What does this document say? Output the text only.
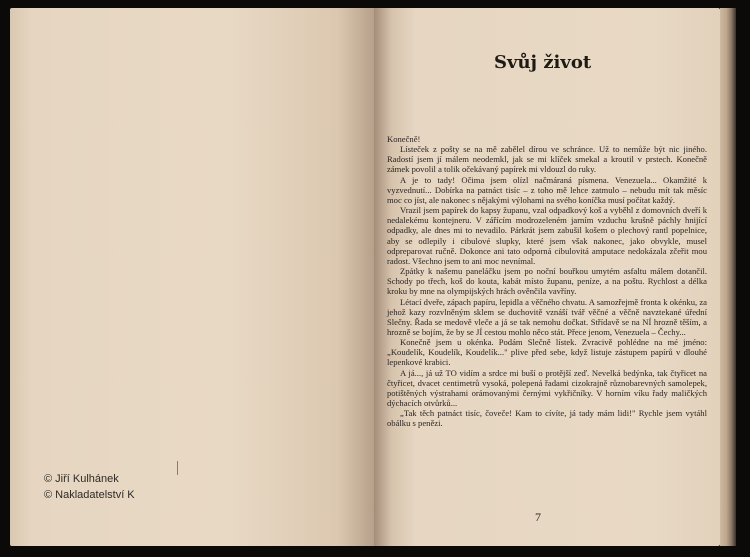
© Jiří Kulhánek
© Nakladatelství K
Svůj život

Konečně!

Lísteček z pošty se na mě zabělel dírou ve schránce. Už to nemůže být nic jiného. Radostí jsem jí málem neodemkl, jak se mi klíček smekal a kroutil v prstech. Konečně zámek povolil a tolik očekávaný papírek mi vldouzl do ruky.

A je to tady! Očima jsem olízl načmáraná písmena. Venezuela... Okamžité k vyzvednutí... Dobírka na patnáct tisíc – z toho mě lehce zatmulo – nebudu mít tak měsíc moc co jíst, ale nakonec s nějakými výlohami na svého koníčka musí počítat každý.

Vrazil jsem papírek do kapsy županu, vzal odpadkový koš a vyběhl z domovních dveří k nedalekému kontejneru. V zářícím modrozeleném jarním vzduchu krušně páchly hnijící odpadky, ale dnes mi to nevadilo. Párkrát jsem zabušil košem o plechový rantl popelnice, aby se odlepily i cibulové slupky, které jsem však nakonec, jako obvykle, musel odpreparovat ručně. Dokonce ani tato odporná cibulovitá amputace nedokázala zčeřit mou radost. Všechno jsem to ani moc nevnímal.

Zpátky k našemu paneláčku jsem po noční bouřkou umytém asfaltu málem dotančil. Schody po třech, koš do kouta, kabát místo županu, peníze, a na poštu. Rychlost a délka kroku by mne na olympijských hrách ověnčila vavříny.

Létací dveře, zápach papíru, lepidla a věčného chvatu. A samozřejmě fronta k okénku, za jehož kazy rozvlněným sklem se duchovitě vznáší tvář věčné a věčně navztekané úřední Slečny. Řada se medově vleče a já se tak nemohu dočkat. Střídavě se na NÍ hrozně těším, a hrozně se bojím, že by se JÍ cestou mohlo něco stát. Přece jenom, Venezuela – Čechy...

Konečně jsem u okénka. Podám Slečně lístek. Zvracivě pohlédne na mé jméno: „Koudelík, Koudelík, Koudelík..." plive před sebe, když listuje zástupem papírů v dlouhé lepenkové krabici.

A já..., já už TO vidím a srdce mi buší o protější zeď. Nevelká bedýnka, tak čtyřicet na čtyřicet, dvacet centimetrů vysoká, polepená řadami cizokrajně různobarevných samolepek, potištěných výstrahami orámovanými černými vykřičníky. V horním víku řady maličkých dýchacích otvůrků...

„Tak těch patnáct tisíc, čoveče! Kam to cívíte, já tady mám lidi!" Rychle jsem vytáhl obálku s penězi.

7
